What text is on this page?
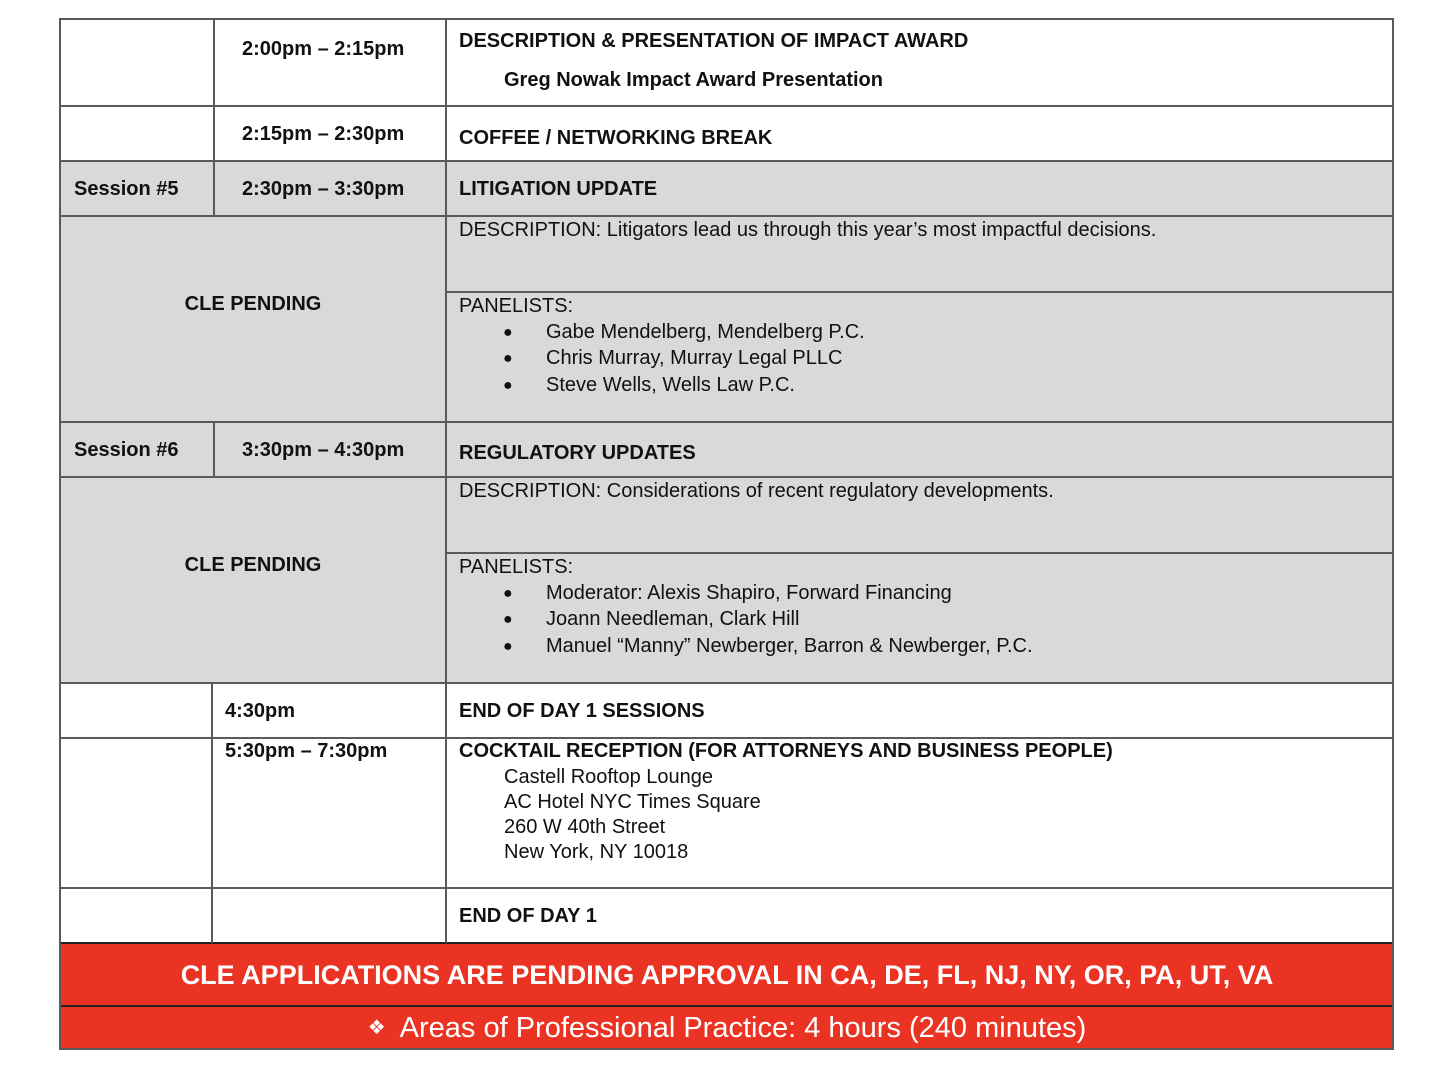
2:00pm – 2:15pm	DESCRIPTION & PRESENTATION OF IMPACT AWARD
Greg Nowak Impact Award Presentation
2:15pm – 2:30pm	COFFEE / NETWORKING BREAK
Session #5	2:30pm – 3:30pm	LITIGATION UPDATE
CLE PENDING
DESCRIPTION: Litigators lead us through this year’s most impactful decisions.
PANELISTS:
● Gabe Mendelberg, Mendelberg P.C.
● Chris Murray, Murray Legal PLLC
● Steve Wells, Wells Law P.C.
Session #6	3:30pm – 4:30pm	REGULATORY UPDATES
CLE PENDING
DESCRIPTION: Considerations of recent regulatory developments.
PANELISTS:
● Moderator: Alexis Shapiro, Forward Financing
● Joann Needleman, Clark Hill
● Manuel “Manny” Newberger, Barron & Newberger, P.C.
4:30pm	END OF DAY 1 SESSIONS
5:30pm – 7:30pm	COCKTAIL RECEPTION (FOR ATTORNEYS AND BUSINESS PEOPLE)
Castell Rooftop Lounge
AC Hotel NYC Times Square
260 W 40th Street
New York, NY 10018
END OF DAY 1
CLE APPLICATIONS ARE PENDING APPROVAL IN CA, DE, FL, NJ, NY, OR, PA, UT, VA
❖ Areas of Professional Practice: 4 hours (240 minutes)
